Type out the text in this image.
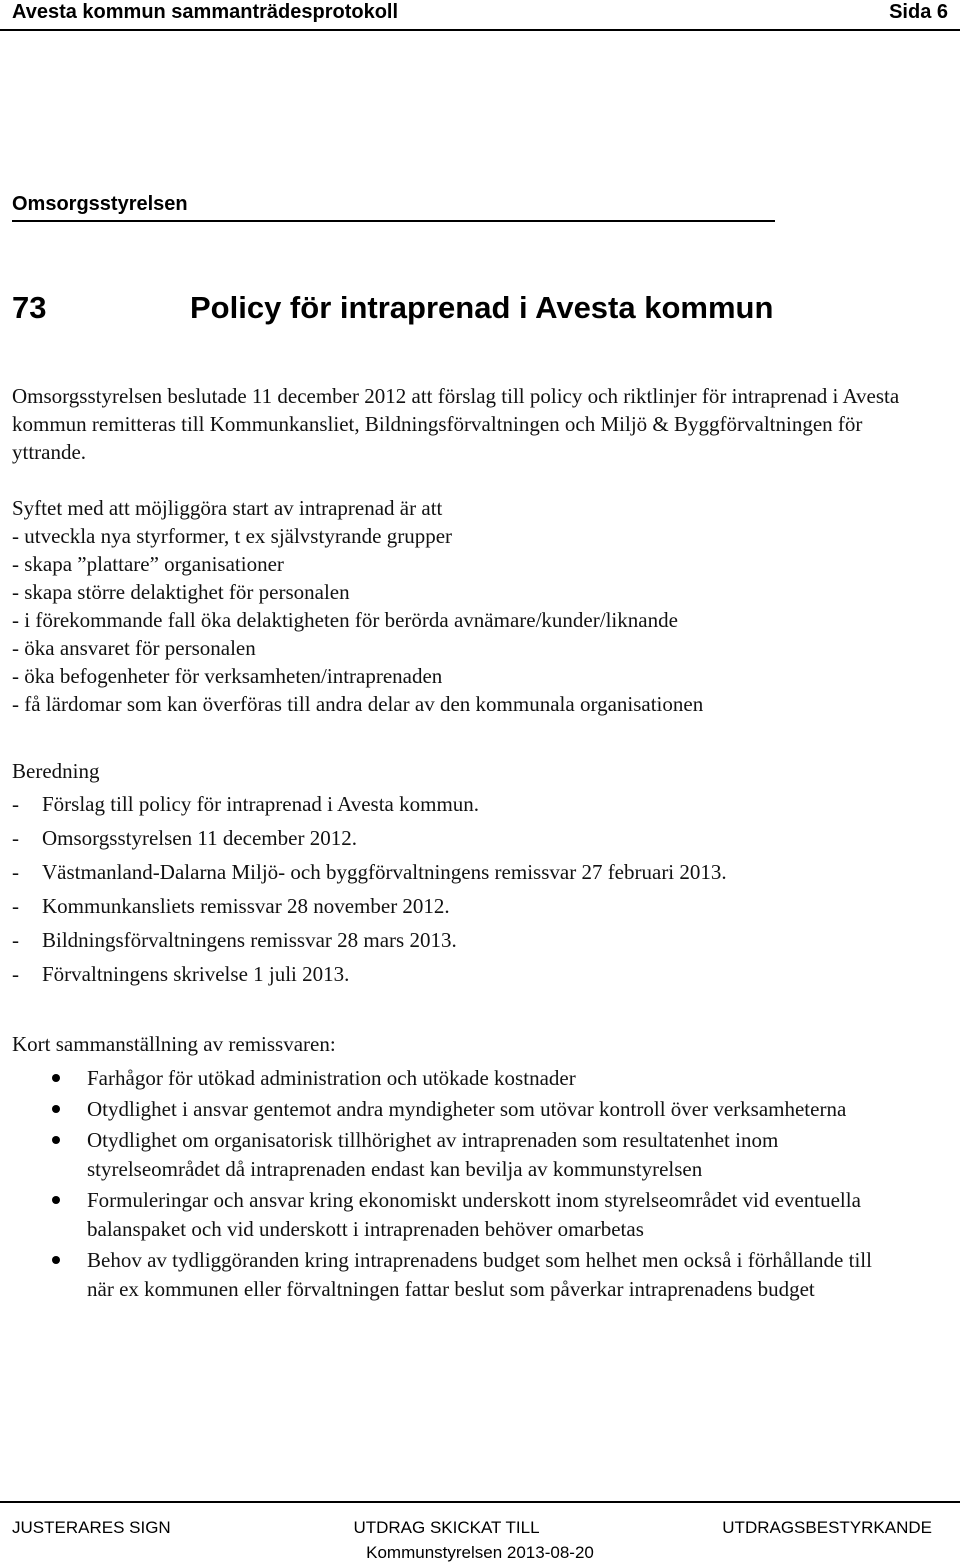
Avesta kommun sammanträdesprotokoll	Sida 6
Omsorgsstyrelsen
73	Policy för intraprenad i Avesta kommun

Omsorgsstyrelsen beslutade 11 december 2012 att förslag till policy och riktlinjer för intraprenad i Avesta kommun remitteras till Kommunkansliet, Bildningsförvaltningen och Miljö & Byggförvaltningen för yttrande.

Syftet med att möjliggöra start av intraprenad är att

- utveckla nya styrformer, t ex självstyrande grupper

- skapa ”plattare” organisationer

- skapa större delaktighet för personalen

- i förekommande fall öka delaktigheten för berörda avnämare/kunder/liknande

- öka ansvaret för personalen

- öka befogenheter för verksamheten/intraprenaden

- få lärdomar som kan överföras till andra delar av den kommunala organisationen

Beredning

-	Förslag till policy för intraprenad i Avesta kommun.
-	Omsorgsstyrelsen 11 december 2012.
-	Västmanland-Dalarna Miljö- och byggförvaltningens remissvar 27 februari 2013.
-	Kommunkansliets remissvar 28 november 2012.
-	Bildningsförvaltningens remissvar 28 mars 2013.
-	Förvaltningens skrivelse 1 juli 2013.

Kort sammanställning av remissvaren:

Farhågor för utökad administration och utökade kostnader
Otydlighet i ansvar gentemot andra myndigheter som utövar kontroll över verksamheterna
Otydlighet om organisatorisk tillhörighet av intraprenaden som resultatenhet inom styrelseområdet då intraprenaden endast kan bevilja av kommunstyrelsen
Formuleringar och ansvar kring ekonomiskt underskott inom styrelseområdet vid eventuella balanspaket och vid underskott i intraprenaden behöver omarbetas
Behov av tydliggöranden kring intraprenadens budget som helhet men också i förhållande till när ex kommunen eller förvaltningen fattar beslut som påverkar intraprenadens budget
JUSTERARES SIGN	UTDRAG SKICKAT TILL	UTDRAGSBESTYRKANDE
Kommunstyrelsen 2013-08-20
